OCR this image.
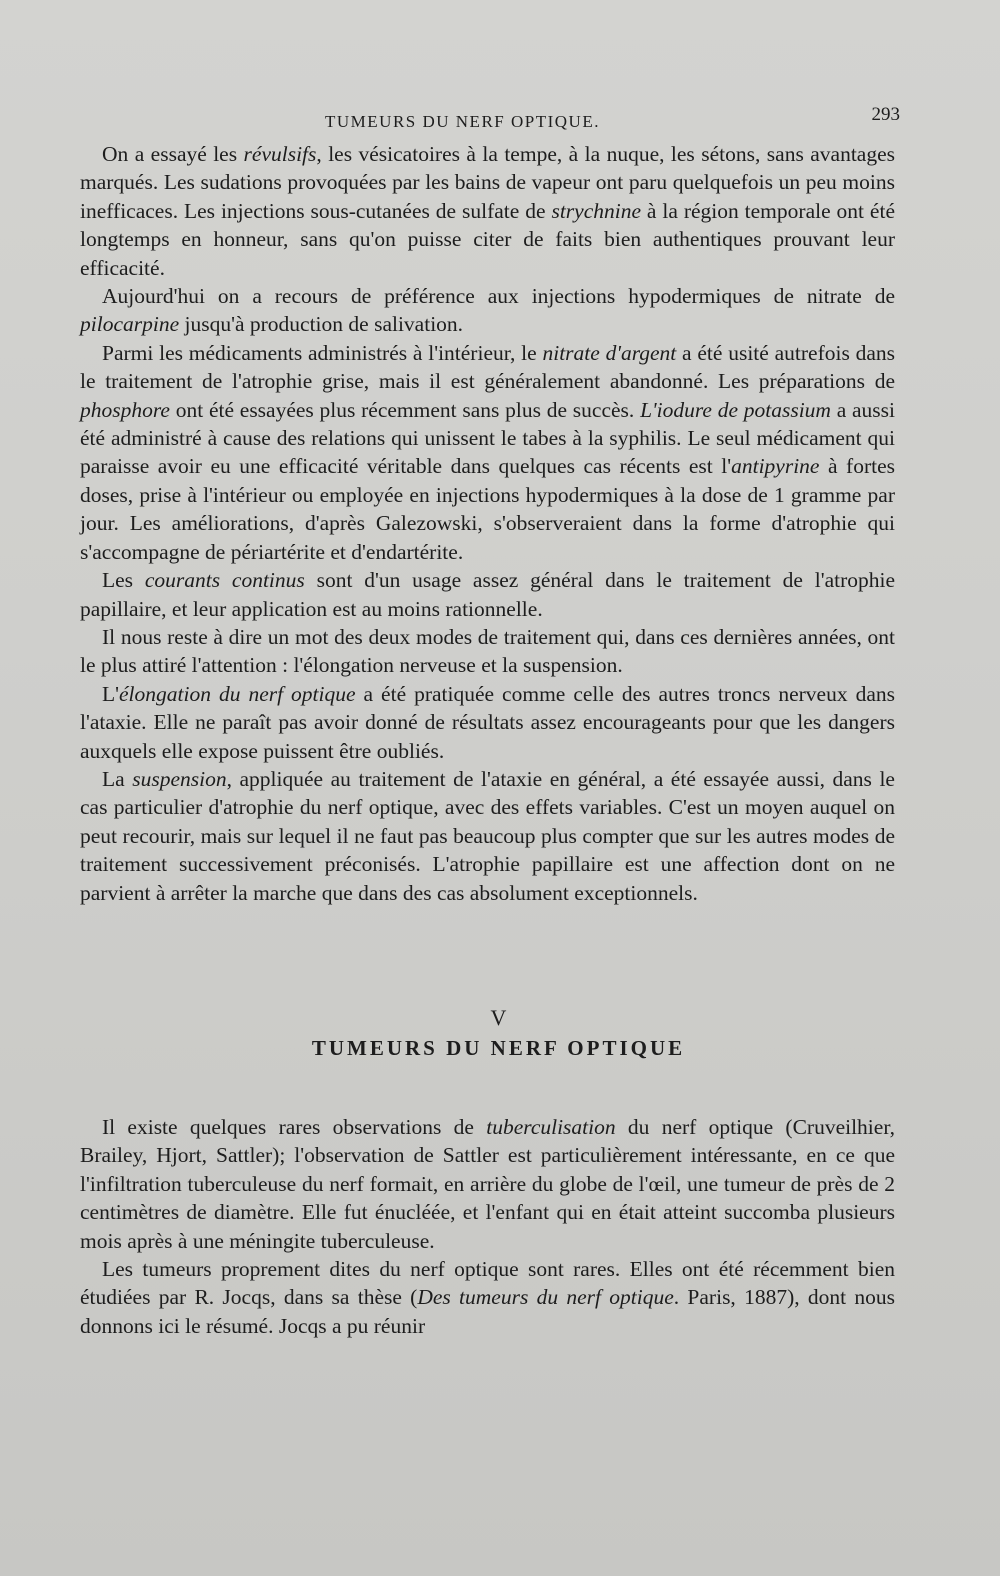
TUMEURS DU NERF OPTIQUE.	293

On a essayé les révulsifs, les vésicatoires à la tempe, à la nuque, les sétons, sans avantages marqués. Les sudations provoquées par les bains de vapeur ont paru quelquefois un peu moins inefficaces. Les injections sous-cutanées de sulfate de strychnine à la région temporale ont été longtemps en honneur, sans qu'on puisse citer de faits bien authentiques prouvant leur efficacité.

Aujourd'hui on a recours de préférence aux injections hypodermiques de nitrate de pilocarpine jusqu'à production de salivation.

Parmi les médicaments administrés à l'intérieur, le nitrate d'argent a été usité autrefois dans le traitement de l'atrophie grise, mais il est généralement abandonné. Les préparations de phosphore ont été essayées plus récemment sans plus de succès. L'iodure de potassium a aussi été administré à cause des relations qui unissent le tabes à la syphilis. Le seul médicament qui paraisse avoir eu une efficacité véritable dans quelques cas récents est l'antipyrine à fortes doses, prise à l'intérieur ou employée en injections hypodermiques à la dose de 1 gramme par jour. Les améliorations, d'après Galezowski, s'observeraient dans la forme d'atrophie qui s'accompagne de périartérite et d'endartérite.

Les courants continus sont d'un usage assez général dans le traitement de l'atrophie papillaire, et leur application est au moins rationnelle.

Il nous reste à dire un mot des deux modes de traitement qui, dans ces dernières années, ont le plus attiré l'attention : l'élongation nerveuse et la suspension.

L'élongation du nerf optique a été pratiquée comme celle des autres troncs nerveux dans l'ataxie. Elle ne paraît pas avoir donné de résultats assez encourageants pour que les dangers auxquels elle expose puissent être oubliés.

La suspension, appliquée au traitement de l'ataxie en général, a été essayée aussi, dans le cas particulier d'atrophie du nerf optique, avec des effets variables. C'est un moyen auquel on peut recourir, mais sur lequel il ne faut pas beaucoup plus compter que sur les autres modes de traitement successivement préconisés. L'atrophie papillaire est une affection dont on ne parvient à arrêter la marche que dans des cas absolument exceptionnels.

V

TUMEURS DU NERF OPTIQUE

Il existe quelques rares observations de tuberculisation du nerf optique (Cruveilhier, Brailey, Hjort, Sattler); l'observation de Sattler est particulièrement intéressante, en ce que l'infiltration tuberculeuse du nerf formait, en arrière du globe de l'œil, une tumeur de près de 2 centimètres de diamètre. Elle fut énucléée, et l'enfant qui en était atteint succomba plusieurs mois après à une méningite tuberculeuse.

Les tumeurs proprement dites du nerf optique sont rares. Elles ont été récemment bien étudiées par R. Jocqs, dans sa thèse (Des tumeurs du nerf optique. Paris, 1887), dont nous donnons ici le résumé. Jocqs a pu réunir
